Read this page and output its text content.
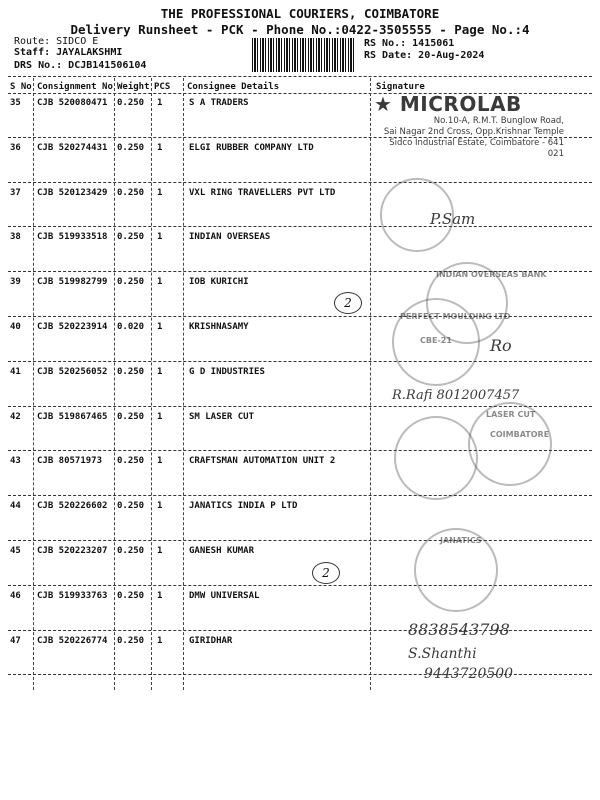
THE PROFESSIONAL COURIERS, COIMBATORE
Delivery Runsheet - PCK - Phone No.:0422-3505555 - Page No.:4
Route: SIDCO E
Staff: JAYALAKSHMI
DRS No.: DCJB141506104
RS No.: 1415061
RS Date: 20-Aug-2024
S No Consignment No Weight PCS Consignee Details	Signature
35 CJB 520080471 0.250 1	S A TRADERS
36 CJB 520274431 0.250 1	ELGI RUBBER COMPANY LTD
37 CJB 520123429 0.250 1	VXL RING TRAVELLERS PVT LTD
38 CJB 519933518 0.250 1	INDIAN OVERSEAS
39 CJB 519982799 0.250 1	IOB KURICHI
40 CJB 520223914 0.020 1	KRISHNASAMY
41 CJB 520256052 0.250 1	G D INDUSTRIES
42 CJB 519867465 0.250 1	SM LASER CUT
43 CJB 80571973 0.250 1	CRAFTSMAN AUTOMATION UNIT 2
44 CJB 520226602 0.250 1	JANATICS INDIA P LTD
45 CJB 520223207 0.250 1	GANESH KUMAR
46 CJB 519933763 0.250 1	DMW UNIVERSAL
47 CJB 520226774 0.250 1	GIRIDHAR
★ MICROLAB
No.10-A, R.M.T. Bunglow Road,
Sai Nagar 2nd Cross, Opp.Krishnar Temple
Sidco Industrial Estate, Coimbatore - 641 021
P.Sam
INDIAN OVERSEAS BANK
PERFECT MOULDING LTD
CBE-21 Ro
R.Rafi 8012007457
LASER CUT
COIMBATORE
JANATICS
8838543798
S.Shanthi
9443720500
2
2
